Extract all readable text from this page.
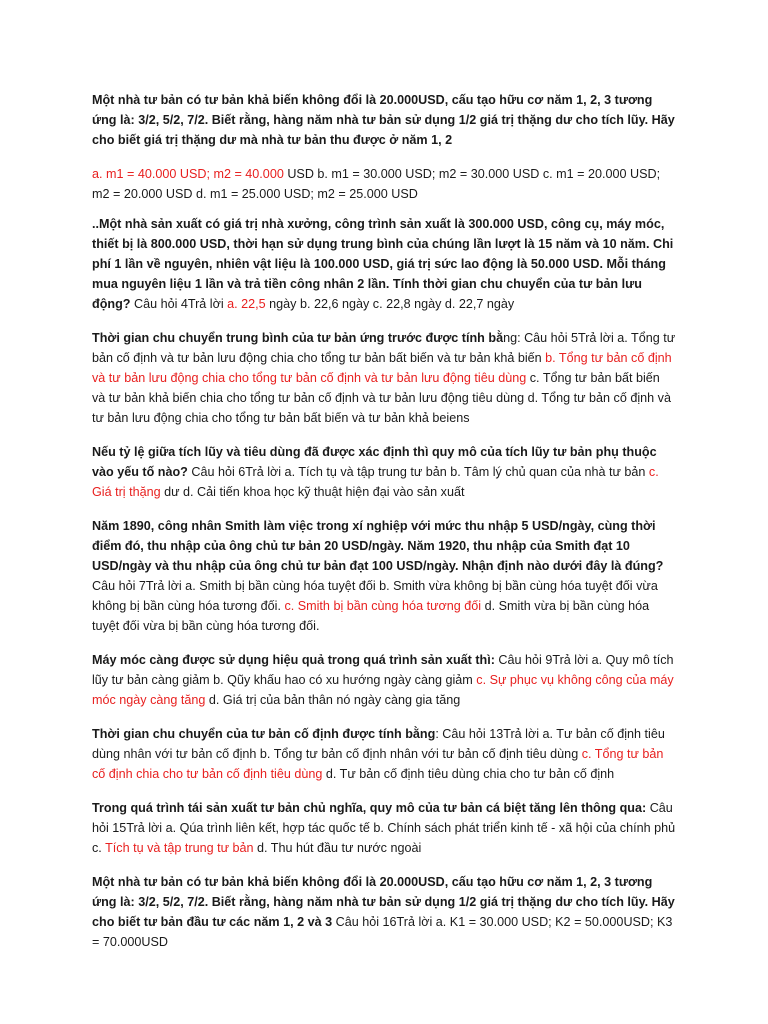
Một nhà tư bản có tư bản khả biến không đổi là 20.000USD, cấu tạo hữu cơ năm 1, 2, 3 tương ứng là: 3/2, 5/2, 7/2. Biết rằng, hàng năm nhà tư bản sử dụng 1/2 giá trị thặng dư cho tích lũy. Hãy cho biết giá trị thặng dư mà nhà tư bản thu được ở năm 1, 2

a. m1 = 40.000 USD; m2 = 40.000 USD b. m1 = 30.000 USD; m2 = 30.000 USD c. m1 = 20.000 USD; m2 = 20.000 USD d. m1 = 25.000 USD; m2 = 25.000 USD

..Một nhà sản xuất có giá trị nhà xưởng, công trình sản xuất là 300.000 USD, công cụ, máy móc, thiết bị là 800.000 USD, thời hạn sử dụng trung bình của chúng lần lượt là 15 năm và 10 năm. Chi phí 1 lần về nguyên, nhiên vật liệu là 100.000 USD, giá trị sức lao động là 50.000 USD. Mỗi tháng mua nguyên liệu 1 lần và trả tiền công nhân 2 lần. Tính thời gian chu chuyển của tư bản lưu động? Câu hỏi 4Trả lời a. 22,5 ngày b. 22,6 ngày c. 22,8 ngày d. 22,7 ngày

Thời gian chu chuyển trung bình của tư bản ứng trước được tính bằng: Câu hỏi 5Trả lời a. Tổng tư bản cố định và tư bản lưu động chia cho tổng tư bản bất biến và tư bản khả biến b. Tổng tư bản cố định và tư bản lưu động chia cho tổng tư bản cố định và tư bản lưu động tiêu dùng c. Tổng tư bản bất biến và tư bản khả biến chia cho tổng tư bản cố định và tư bản lưu động tiêu dùng d. Tổng tư bản cố định và tư bản lưu động chia cho tổng tư bản bất biến và tư bản khả beiens

Nếu tỷ lệ giữa tích lũy và tiêu dùng đã được xác định thì quy mô của tích lũy tư bản phụ thuộc vào yếu tố nào? Câu hỏi 6Trả lời a. Tích tụ và tập trung tư bản b. Tâm lý chủ quan của nhà tư bản c. Giá trị thặng dư d. Cải tiến khoa học kỹ thuật hiện đại vào sản xuất

Năm 1890, công nhân Smith làm việc trong xí nghiệp với mức thu nhập 5 USD/ngày, cùng thời điểm đó, thu nhập của ông chủ tư bản 20 USD/ngày. Năm 1920, thu nhập của Smith đạt 10 USD/ngày và thu nhập của ông chủ tư bản đạt 100 USD/ngày. Nhận định nào dưới đây là đúng? Câu hỏi 7Trả lời a. Smith bị bần cùng hóa tuyệt đối b. Smith vừa không bị bần cùng hóa tuyệt đối vừa không bị bần cùng hóa tương đối. c. Smith bị bần cùng hóa tương đối d. Smith vừa bị bần cùng hóa tuyệt đối vừa bị bần cùng hóa tương đối.

Máy móc càng được sử dụng hiệu quả trong quá trình sản xuất thì: Câu hỏi 9Trả lời a. Quy mô tích lũy tư bản càng giảm b. Qũy khấu hao có xu hướng ngày càng giảm c. Sự phục vụ không công của máy móc ngày càng tăng d. Giá trị của bản thân nó ngày càng gia tăng

Thời gian chu chuyển của tư bản cố định được tính bằng: Câu hỏi 13Trả lời a. Tư bản cố định tiêu dùng nhân với tư bản cố định b. Tổng tư bản cố định nhân với tư bản cố định tiêu dùng c. Tổng tư bản cố định chia cho tư bản cố định tiêu dùng d. Tư bản cố định tiêu dùng chia cho tư bản cố định

Trong quá trình tái sản xuất tư bản chủ nghĩa, quy mô của tư bản cá biệt tăng lên thông qua: Câu hỏi 15Trả lời a. Qúa trình liên kết, hợp tác quốc tế b. Chính sách phát triển kinh tế - xã hội của chính phủ c. Tích tụ và tập trung tư bản d. Thu hút đầu tư nước ngoài

Một nhà tư bản có tư bản khả biến không đổi là 20.000USD, cấu tạo hữu cơ năm 1, 2, 3 tương ứng là: 3/2, 5/2, 7/2. Biết rằng, hàng năm nhà tư bản sử dụng 1/2 giá trị thặng dư cho tích lũy. Hãy cho biết tư bản đầu tư các năm 1, 2 và 3 Câu hỏi 16Trả lời a. K1 = 30.000 USD; K2 = 50.000USD; K3 = 70.000USD
